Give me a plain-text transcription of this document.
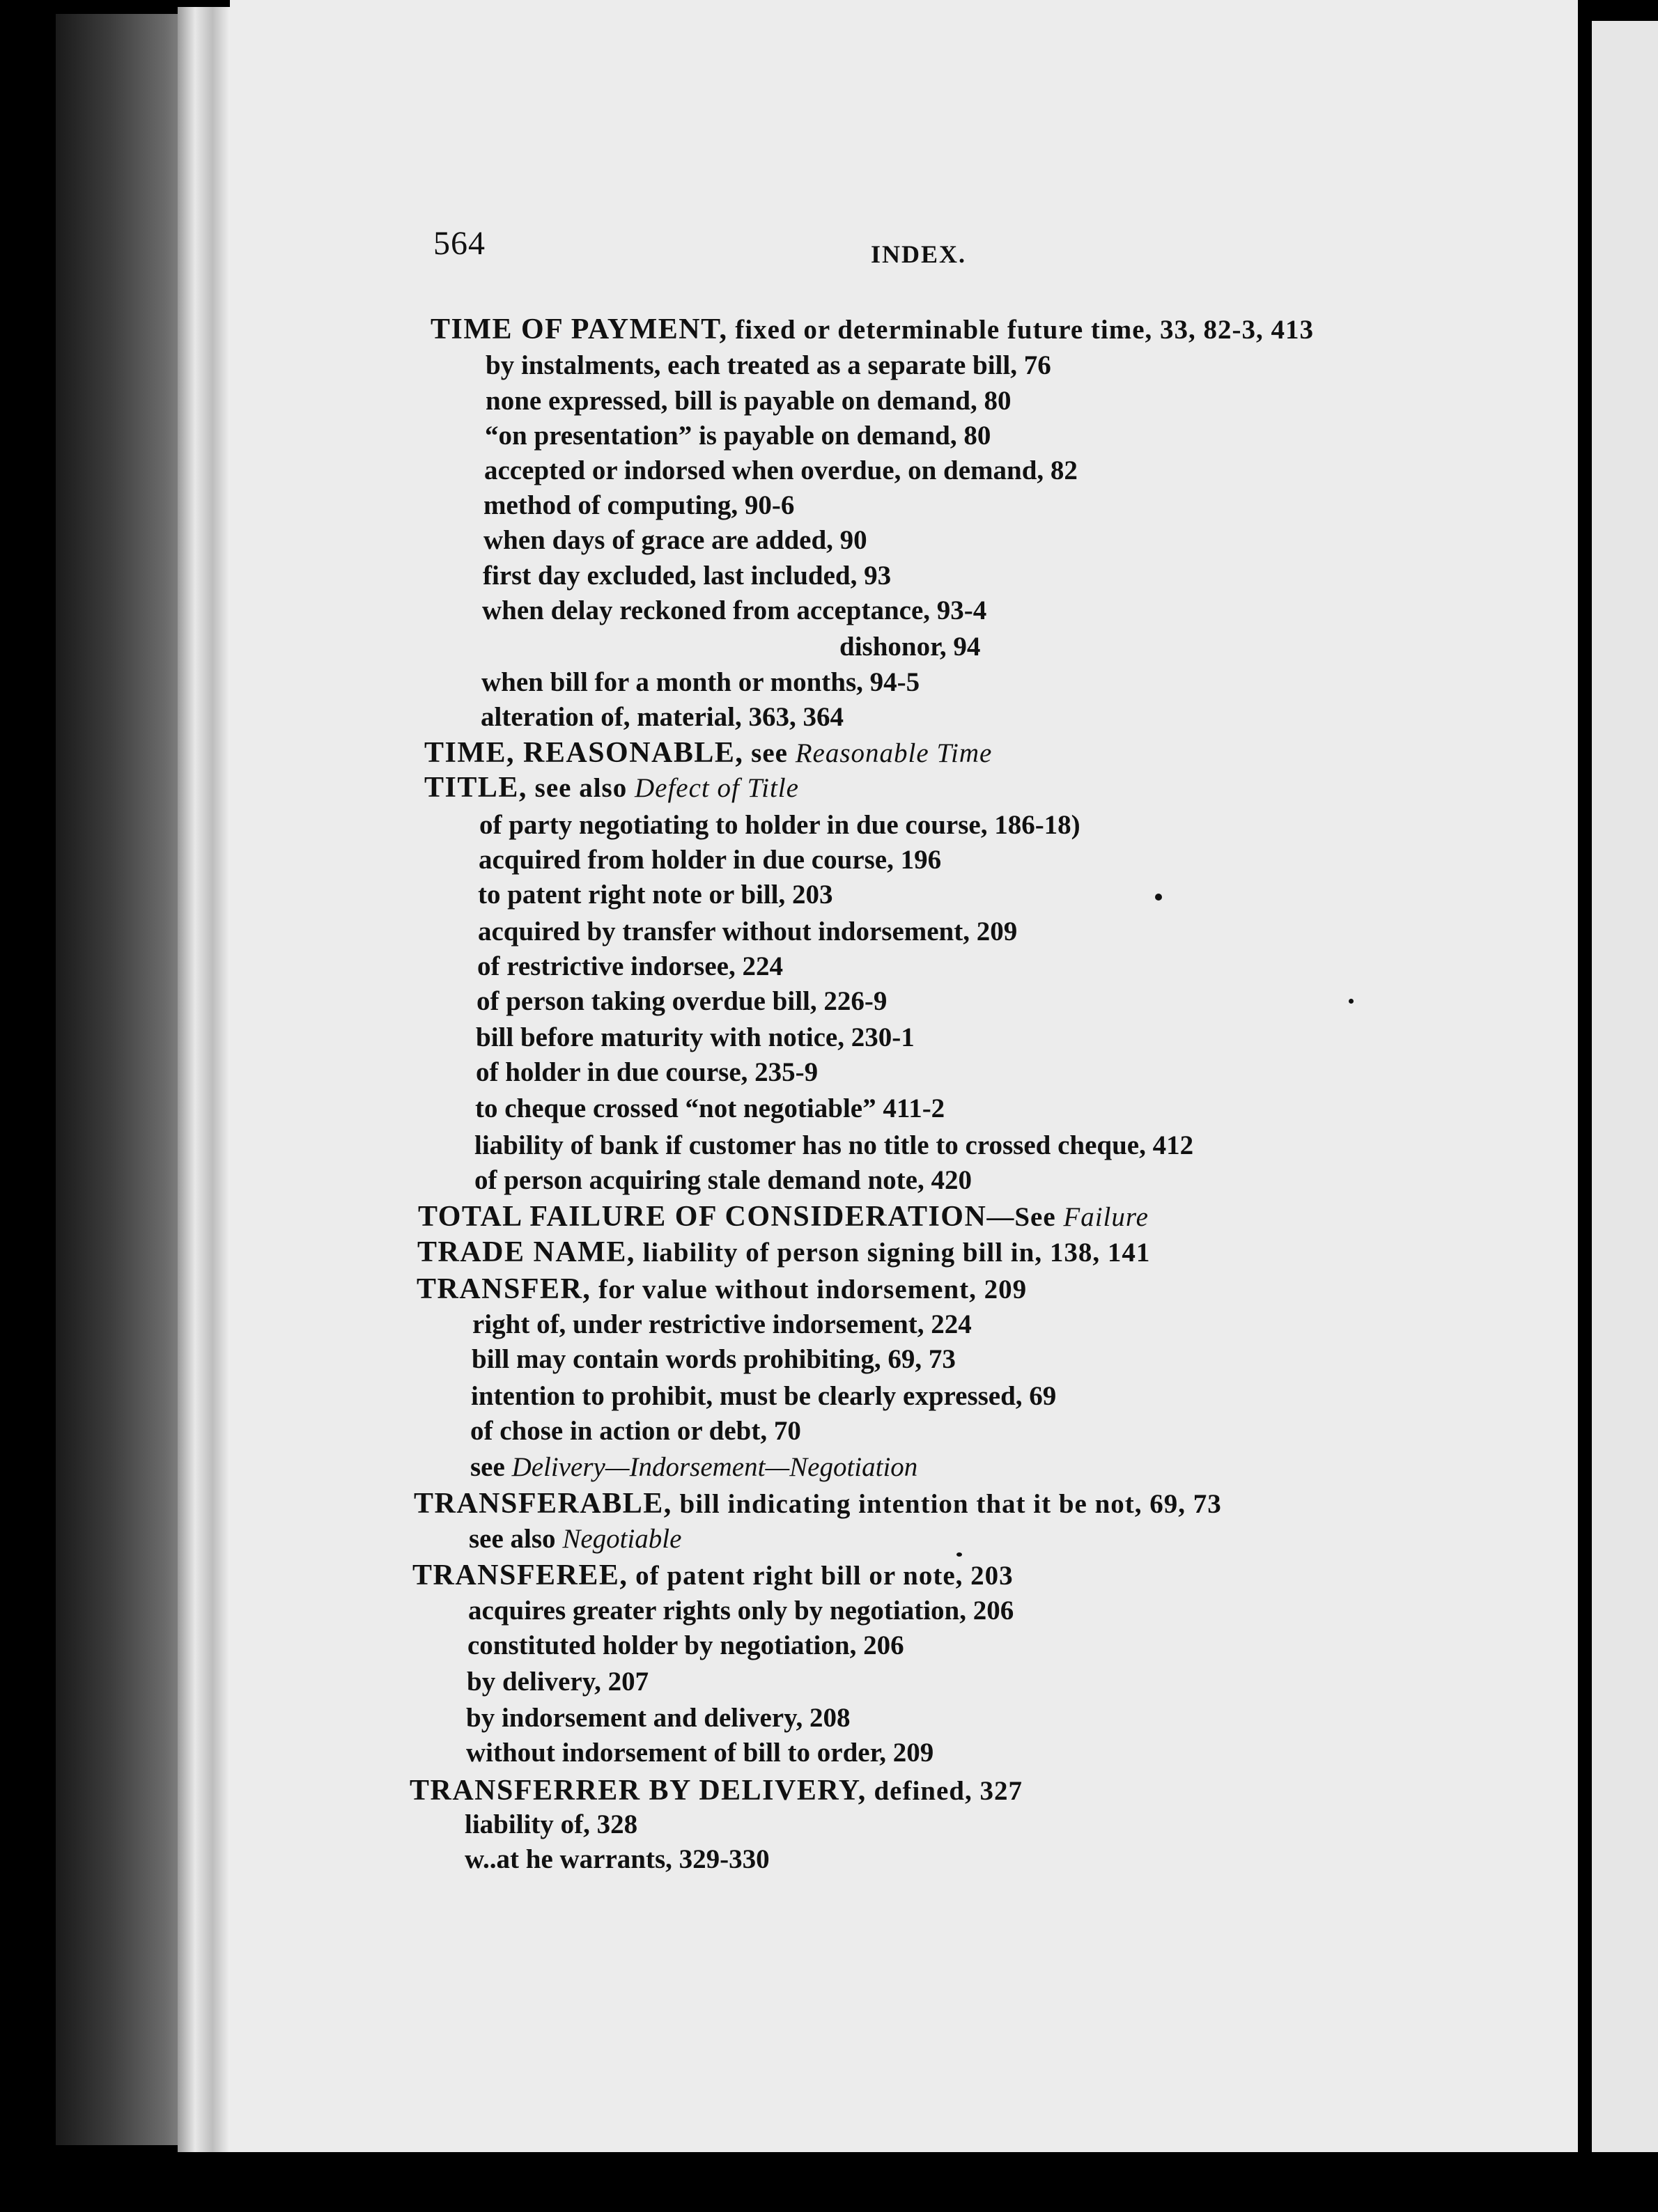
564	INDEX.
TIME OF PAYMENT, fixed or determinable future time, 33, 82-3, 413
by instalments, each treated as a separate bill, 76
none expressed, bill is payable on demand, 80
“on presentation” is payable on demand, 80
accepted or indorsed when overdue, on demand, 82
method of computing, 90-6
when days of grace are added, 90
first day excluded, last included, 93
when delay reckoned from acceptance, 93-4
dishonor, 94
when bill for a month or months, 94-5
alteration of, material, 363, 364
TIME, REASONABLE, see Reasonable Time
TITLE, see also Defect of Title
of party negotiating to holder in due course, 186-18)
acquired from holder in due course, 196
to patent right note or bill, 203
acquired by transfer without indorsement, 209
of restrictive indorsee, 224
of person taking overdue bill, 226-9
bill before maturity with notice, 230-1
of holder in due course, 235-9
to cheque crossed “not negotiable” 411-2
liability of bank if customer has no title to crossed cheque, 412
of person acquiring stale demand note, 420
TOTAL FAILURE OF CONSIDERATION—See Failure
TRADE NAME, liability of person signing bill in, 138, 141
TRANSFER, for value without indorsement, 209
right of, under restrictive indorsement, 224
bill may contain words prohibiting, 69, 73
intention to prohibit, must be clearly expressed, 69
of chose in action or debt, 70
see Delivery—Indorsement—Negotiation
TRANSFERABLE, bill indicating intention that it be not, 69, 73
see also Negotiable
TRANSFEREE, of patent right bill or note, 203
acquires greater rights only by negotiation, 206
constituted holder by negotiation, 206
by delivery, 207
by indorsement and delivery, 208
without indorsement of bill to order, 209
TRANSFERRER BY DELIVERY, defined, 327
liability of, 328
w..at he warrants, 329-330
